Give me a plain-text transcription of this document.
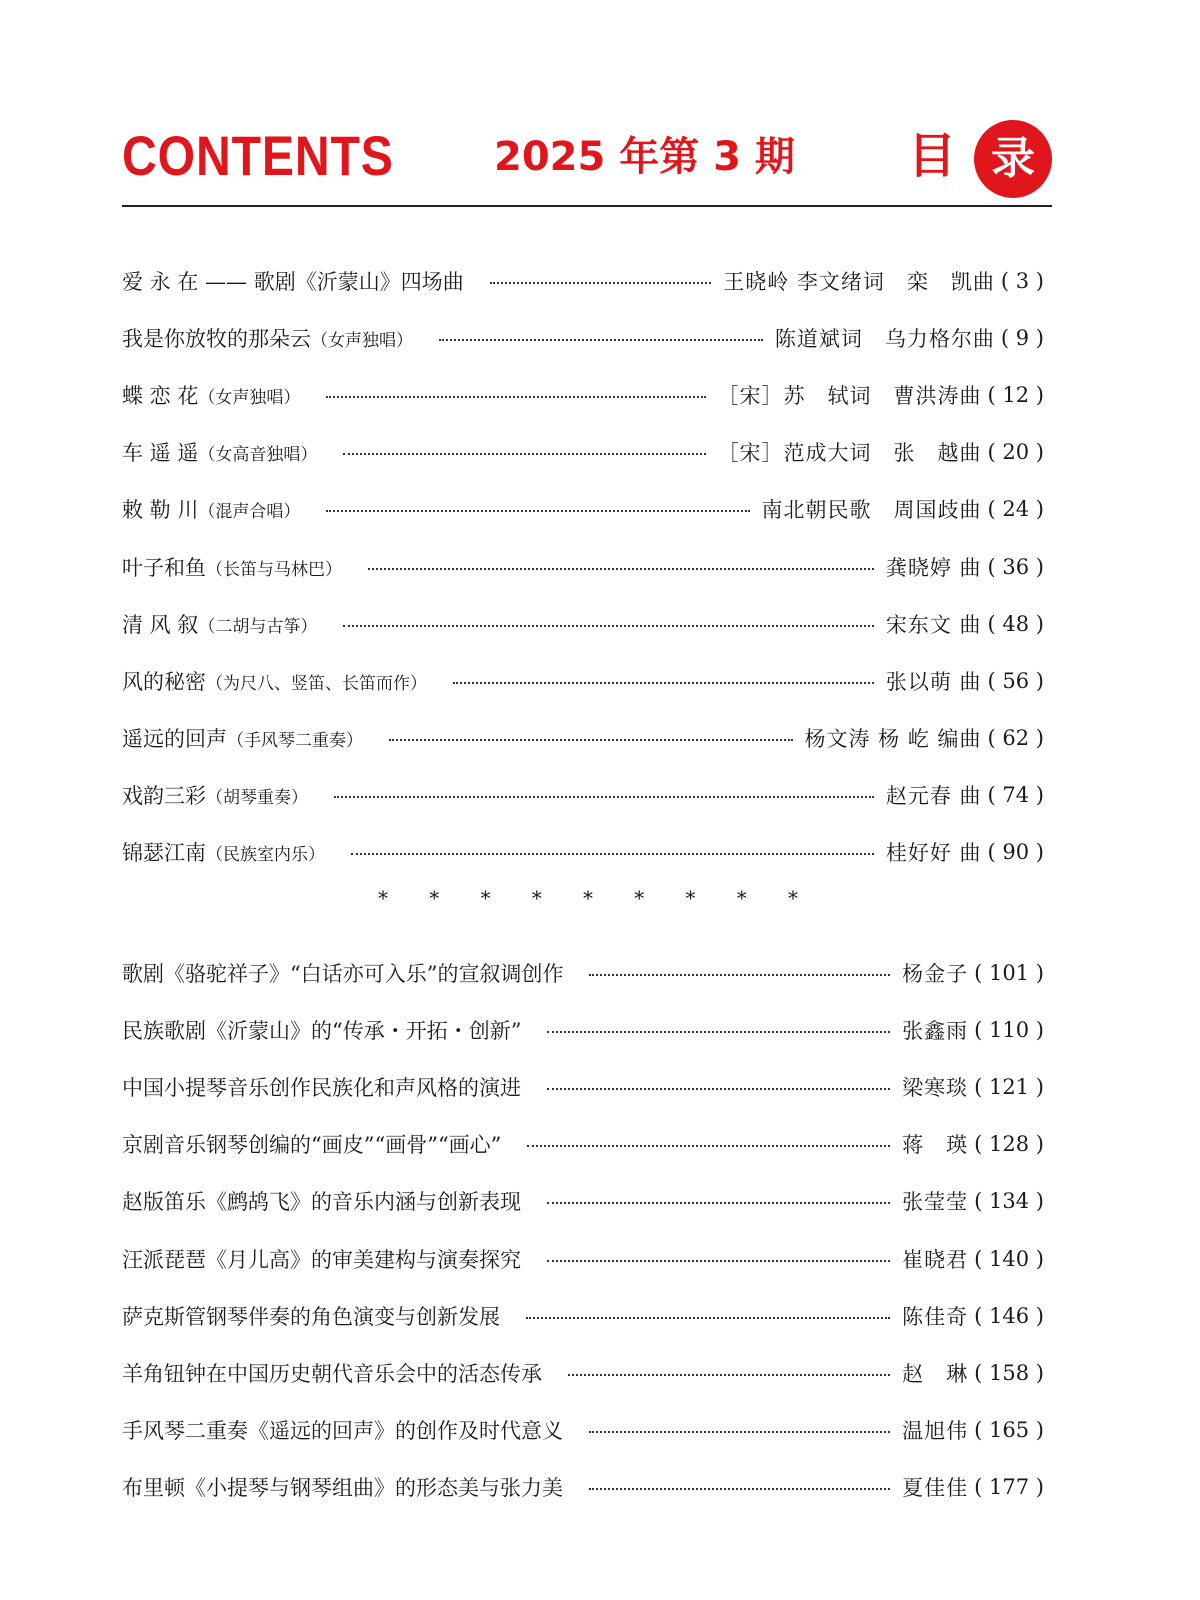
CONTENTS	2025 年第 3 期 目 录
爱 永 在 —— 歌剧《沂蒙山》四场曲	王晓岭 李文绪词　栾　凯曲 ( 3 )
我是你放牧的那朵云（女声独唱）	陈道斌词　乌力格尔曲 ( 9 )
蝶 恋 花（女声独唱）	［宋］苏　轼词　曹洪涛曲 ( 12 )
车 遥 遥（女高音独唱）	［宋］范成大词　张　越曲 ( 20 )
敕 勒 川（混声合唱）	南北朝民歌　周国歧曲 ( 24 )
叶子和鱼（长笛与马林巴）	龚晓婷 曲 ( 36 )
清 风 叙（二胡与古筝）	宋东文 曲 ( 48 )
风的秘密（为尺八、竖笛、长笛而作）	张以萌 曲 ( 56 )
遥远的回声（手风琴二重奏）	杨文涛 杨 屹 编曲 ( 62 )
戏韵三彩（胡琴重奏）	赵元春 曲 ( 74 )
锦瑟江南（民族室内乐）	桂好好 曲 ( 90 )
* * * * * * * * *
歌剧《骆驼祥子》“白话亦可入乐”的宣叙调创作	杨金子 ( 101 )
民族歌剧《沂蒙山》的“传承・开拓・创新”	张鑫雨 ( 110 )
中国小提琴音乐创作民族化和声风格的演进	梁寒琰 ( 121 )
京剧音乐钢琴创编的“画皮”“画骨”“画心”	蒋　瑛 ( 128 )
赵版笛乐《鹧鸪飞》的音乐内涵与创新表现	张莹莹 ( 134 )
汪派琵琶《月儿高》的审美建构与演奏探究	崔晓君 ( 140 )
萨克斯管钢琴伴奏的角色演变与创新发展	陈佳奇 ( 146 )
羊角钮钟在中国历史朝代音乐会中的活态传承	赵　琳 ( 158 )
手风琴二重奏《遥远的回声》的创作及时代意义	温旭伟 ( 165 )
布里顿《小提琴与钢琴组曲》的形态美与张力美	夏佳佳 ( 177 )
